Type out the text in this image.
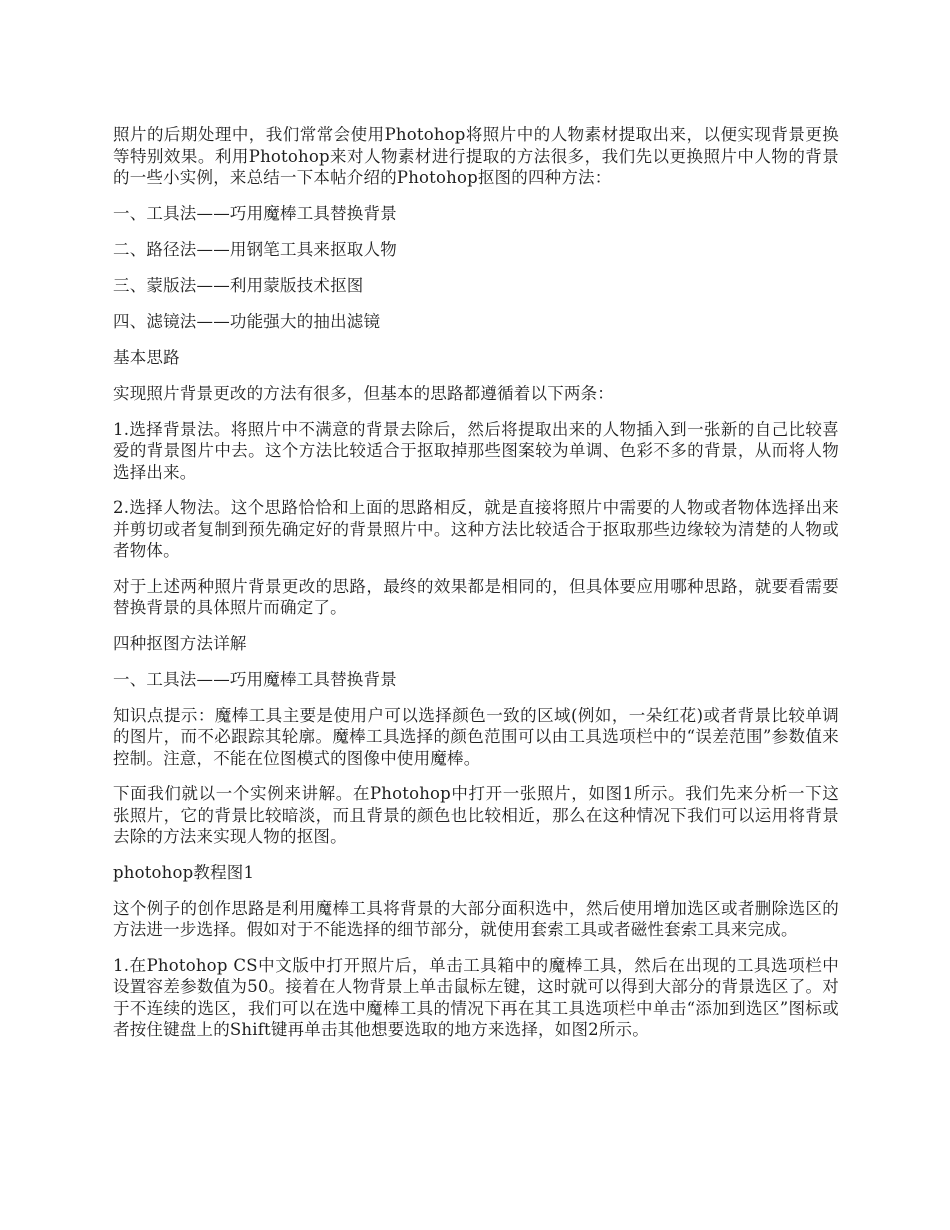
照片的后期处理中，我们常常会使用Photohop将照片中的人物素材提取出来，以便实现背景更换等特别效果。利用Photohop来对人物素材进行提取的方法很多，我们先以更换照片中人物的背景的一些小实例，来总结一下本帖介绍的Photohop抠图的四种方法：

一、工具法——巧用魔棒工具替换背景

二、路径法——用钢笔工具来抠取人物

三、蒙版法——利用蒙版技术抠图

四、滤镜法——功能强大的抽出滤镜

基本思路

实现照片背景更改的方法有很多，但基本的思路都遵循着以下两条：

1.选择背景法。将照片中不满意的背景去除后，然后将提取出来的人物插入到一张新的自己比较喜爱的背景图片中去。这个方法比较适合于抠取掉那些图案较为单调、色彩不多的背景，从而将人物选择出来。

2.选择人物法。这个思路恰恰和上面的思路相反，就是直接将照片中需要的人物或者物体选择出来并剪切或者复制到预先确定好的背景照片中。这种方法比较适合于抠取那些边缘较为清楚的人物或者物体。

对于上述两种照片背景更改的思路，最终的效果都是相同的，但具体要应用哪种思路，就要看需要替换背景的具体照片而确定了。

四种抠图方法详解

一、工具法——巧用魔棒工具替换背景

知识点提示：魔棒工具主要是使用户可以选择颜色一致的区域(例如，一朵红花)或者背景比较单调的图片，而不必跟踪其轮廓。魔棒工具选择的颜色范围可以由工具选项栏中的“误差范围”参数值来控制。注意，不能在位图模式的图像中使用魔棒。

下面我们就以一个实例来讲解。在Photohop中打开一张照片，如图1所示。我们先来分析一下这张照片，它的背景比较暗淡，而且背景的颜色也比较相近，那么在这种情况下我们可以运用将背景去除的方法来实现人物的抠图。

photohop教程图1

这个例子的创作思路是利用魔棒工具将背景的大部分面积选中，然后使用增加选区或者删除选区的方法进一步选择。假如对于不能选择的细节部分，就使用套索工具或者磁性套索工具来完成。

1.在Photohop CS中文版中打开照片后，单击工具箱中的魔棒工具，然后在出现的工具选项栏中设置容差参数值为50。接着在人物背景上单击鼠标左键，这时就可以得到大部分的背景选区了。对于不连续的选区，我们可以在选中魔棒工具的情况下再在其工具选项栏中单击“添加到选区”图标或者按住键盘上的Shift键再单击其他想要选取的地方来选择，如图2所示。
